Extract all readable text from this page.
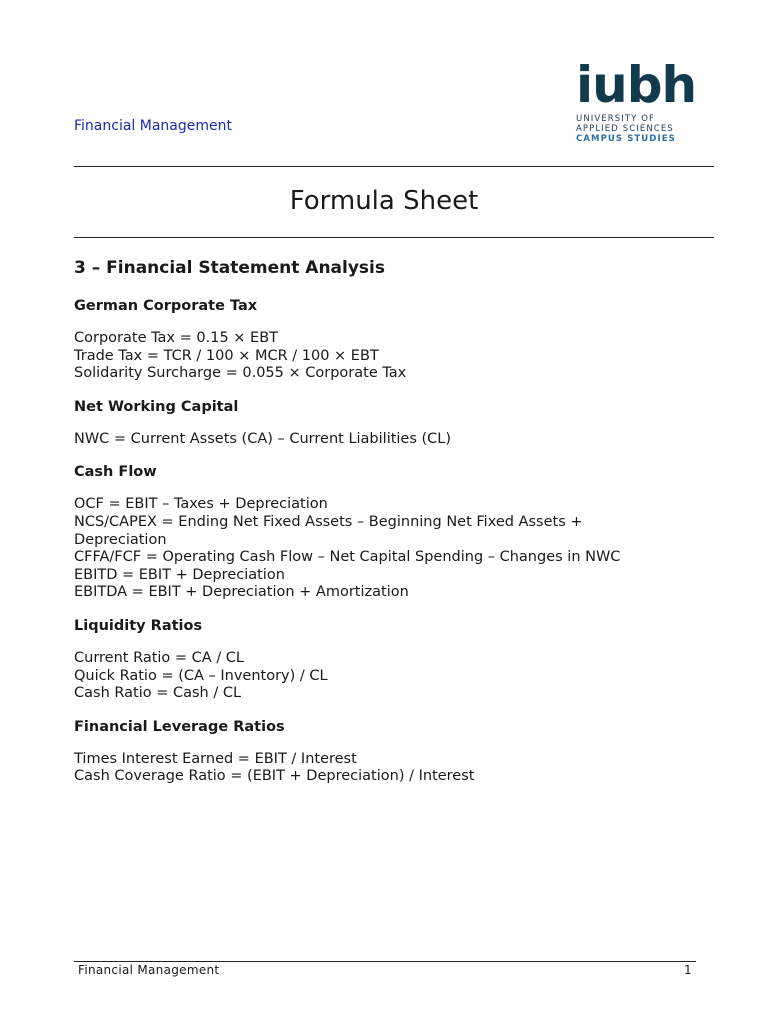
Financial Management
iubh
UNIVERSITY OF
APPLIED SCIENCES
CAMPUS STUDIES
Formula Sheet
3 – Financial Statement Analysis
German Corporate Tax
Corporate Tax = 0.15 × EBT
Trade Tax = TCR / 100 × MCR / 100 × EBT
Solidarity Surcharge = 0.055 × Corporate Tax
Net Working Capital
NWC = Current Assets (CA) – Current Liabilities (CL)
Cash Flow
OCF = EBIT – Taxes + Depreciation
NCS/CAPEX = Ending Net Fixed Assets – Beginning Net Fixed Assets +
Depreciation
CFFA/FCF = Operating Cash Flow – Net Capital Spending – Changes in NWC
EBITD = EBIT + Depreciation
EBITDA = EBIT + Depreciation + Amortization
Liquidity Ratios
Current Ratio = CA / CL
Quick Ratio = (CA – Inventory) / CL
Cash Ratio = Cash / CL
Financial Leverage Ratios
Times Interest Earned = EBIT / Interest
Cash Coverage Ratio = (EBIT + Depreciation) / Interest
Financial Management	1
